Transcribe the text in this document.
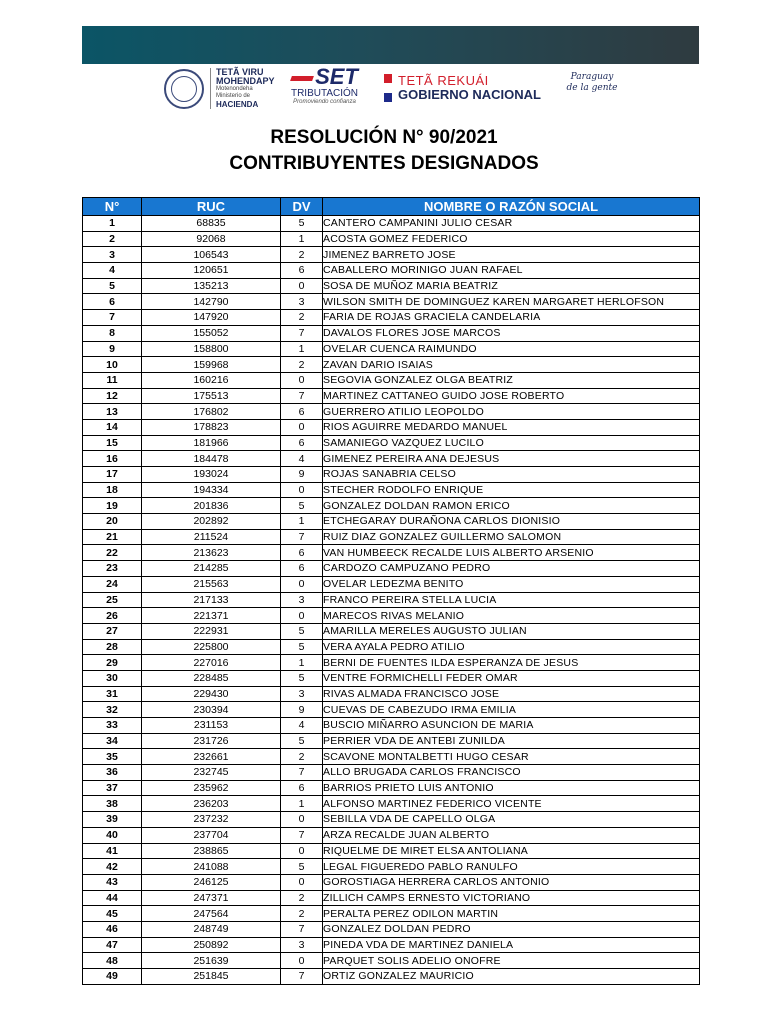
TETÃ VIRU
MOHENDAPY
Motenondeha
Ministerio de
HACIENDA
SET
TRIBUTACIÓN
Promoviendo confianza
TETÃ REKUÁI
GOBIERNO NACIONAL
Paraguay
de la gente
RESOLUCIÓN N° 90/2021
CONTRIBUYENTES DESIGNADOS
N°	RUC	DV	NOMBRE O RAZÓN SOCIAL
1	68835	5	CANTERO CAMPANINI JULIO CESAR
2	92068	1	ACOSTA GOMEZ FEDERICO
3	106543	2	JIMENEZ BARRETO JOSE
4	120651	6	CABALLERO MORINIGO JUAN RAFAEL
5	135213	0	SOSA DE MUÑOZ MARIA BEATRIZ
6	142790	3	WILSON SMITH DE DOMINGUEZ KAREN MARGARET HERLOFSON
7	147920	2	FARIA DE ROJAS GRACIELA CANDELARIA
8	155052	7	DAVALOS FLORES JOSE MARCOS
9	158800	1	OVELAR CUENCA RAIMUNDO
10	159968	2	ZAVAN DARIO ISAIAS
11	160216	0	SEGOVIA GONZALEZ OLGA BEATRIZ
12	175513	7	MARTINEZ CATTANEO GUIDO JOSE ROBERTO
13	176802	6	GUERRERO ATILIO LEOPOLDO
14	178823	0	RIOS AGUIRRE MEDARDO MANUEL
15	181966	6	SAMANIEGO VAZQUEZ LUCILO
16	184478	4	GIMENEZ PEREIRA ANA DEJESUS
17	193024	9	ROJAS SANABRIA CELSO
18	194334	0	STECHER RODOLFO ENRIQUE
19	201836	5	GONZALEZ DOLDAN RAMON ERICO
20	202892	1	ETCHEGARAY DURAÑONA CARLOS DIONISIO
21	211524	7	RUIZ DIAZ GONZALEZ GUILLERMO SALOMON
22	213623	6	VAN HUMBEECK RECALDE LUIS ALBERTO ARSENIO
23	214285	6	CARDOZO CAMPUZANO PEDRO
24	215563	0	OVELAR LEDEZMA BENITO
25	217133	3	FRANCO PEREIRA STELLA LUCIA
26	221371	0	MARECOS RIVAS MELANIO
27	222931	5	AMARILLA MERELES AUGUSTO JULIAN
28	225800	5	VERA AYALA PEDRO ATILIO
29	227016	1	BERNI DE FUENTES ILDA ESPERANZA DE JESUS
30	228485	5	VENTRE FORMICHELLI FEDER OMAR
31	229430	3	RIVAS ALMADA FRANCISCO JOSE
32	230394	9	CUEVAS DE CABEZUDO IRMA EMILIA
33	231153	4	BUSCIO MIÑARRO ASUNCION DE MARIA
34	231726	5	PERRIER VDA DE ANTEBI ZUNILDA
35	232661	2	SCAVONE MONTALBETTI HUGO CESAR
36	232745	7	ALLO BRUGADA CARLOS FRANCISCO
37	235962	6	BARRIOS PRIETO LUIS ANTONIO
38	236203	1	ALFONSO MARTINEZ FEDERICO VICENTE
39	237232	0	SEBILLA VDA DE CAPELLO OLGA
40	237704	7	ARZA RECALDE JUAN ALBERTO
41	238865	0	RIQUELME DE MIRET ELSA ANTOLIANA
42	241088	5	LEGAL FIGUEREDO PABLO RANULFO
43	246125	0	GOROSTIAGA HERRERA CARLOS ANTONIO
44	247371	2	ZILLICH CAMPS ERNESTO VICTORIANO
45	247564	2	PERALTA PEREZ ODILON MARTIN
46	248749	7	GONZALEZ DOLDAN PEDRO
47	250892	3	PINEDA VDA DE MARTINEZ DANIELA
48	251639	0	PARQUET SOLIS ADELIO ONOFRE
49	251845	7	ORTIZ GONZALEZ MAURICIO
